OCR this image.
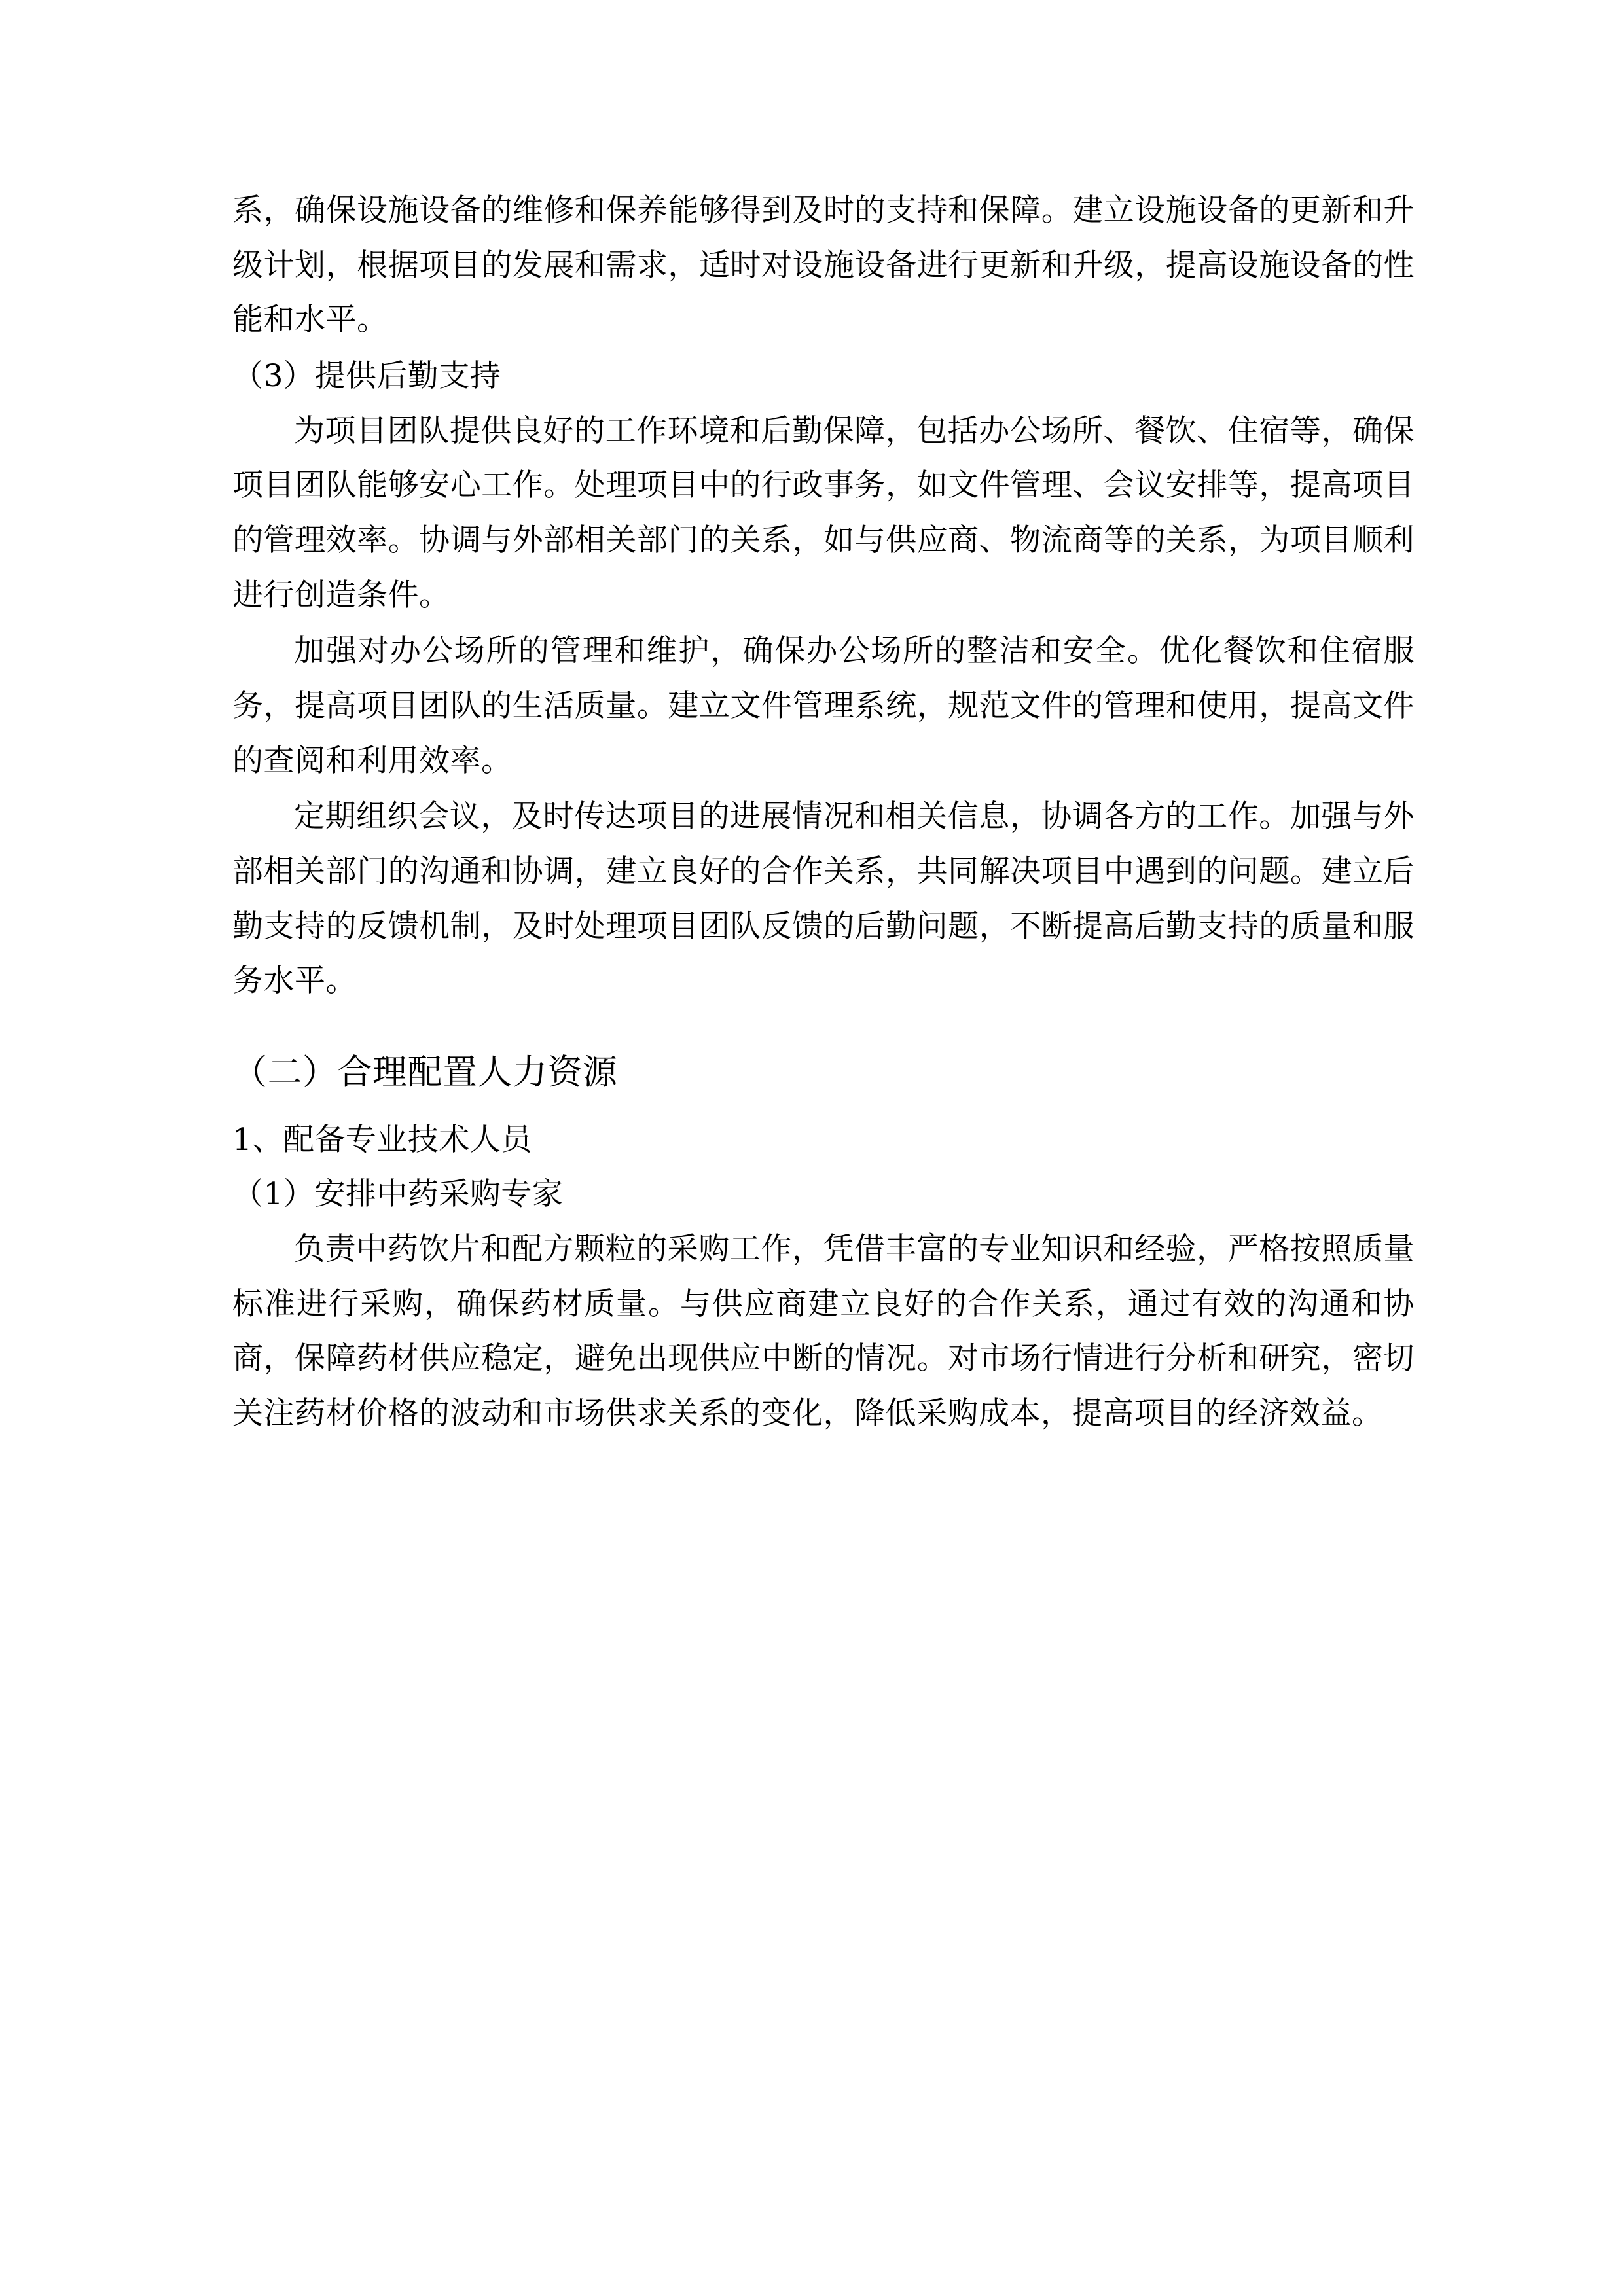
系，确保设施设备的维修和保养能够得到及时的支持和保障。建立设施设备的更新和升级计划，根据项目的发展和需求，适时对设施设备进行更新和升级，提高设施设备的性能和水平。

（3）提供后勤支持

为项目团队提供良好的工作环境和后勤保障，包括办公场所、餐饮、住宿等，确保项目团队能够安心工作。处理项目中的行政事务，如文件管理、会议安排等，提高项目的管理效率。协调与外部相关部门的关系，如与供应商、物流商等的关系，为项目顺利进行创造条件。

加强对办公场所的管理和维护，确保办公场所的整洁和安全。优化餐饮和住宿服务，提高项目团队的生活质量。建立文件管理系统，规范文件的管理和使用，提高文件的查阅和利用效率。

定期组织会议，及时传达项目的进展情况和相关信息，协调各方的工作。加强与外部相关部门的沟通和协调，建立良好的合作关系，共同解决项目中遇到的问题。建立后勤支持的反馈机制，及时处理项目团队反馈的后勤问题，不断提高后勤支持的质量和服务水平。

（二）合理配置人力资源

1、配备专业技术人员

（1）安排中药采购专家

负责中药饮片和配方颗粒的采购工作，凭借丰富的专业知识和经验，严格按照质量标准进行采购，确保药材质量。与供应商建立良好的合作关系，通过有效的沟通和协商，保障药材供应稳定，避免出现供应中断的情况。对市场行情进行分析和研究，密切关注药材价格的波动和市场供求关系的变化，降低采购成本，提高项目的经济效益。
